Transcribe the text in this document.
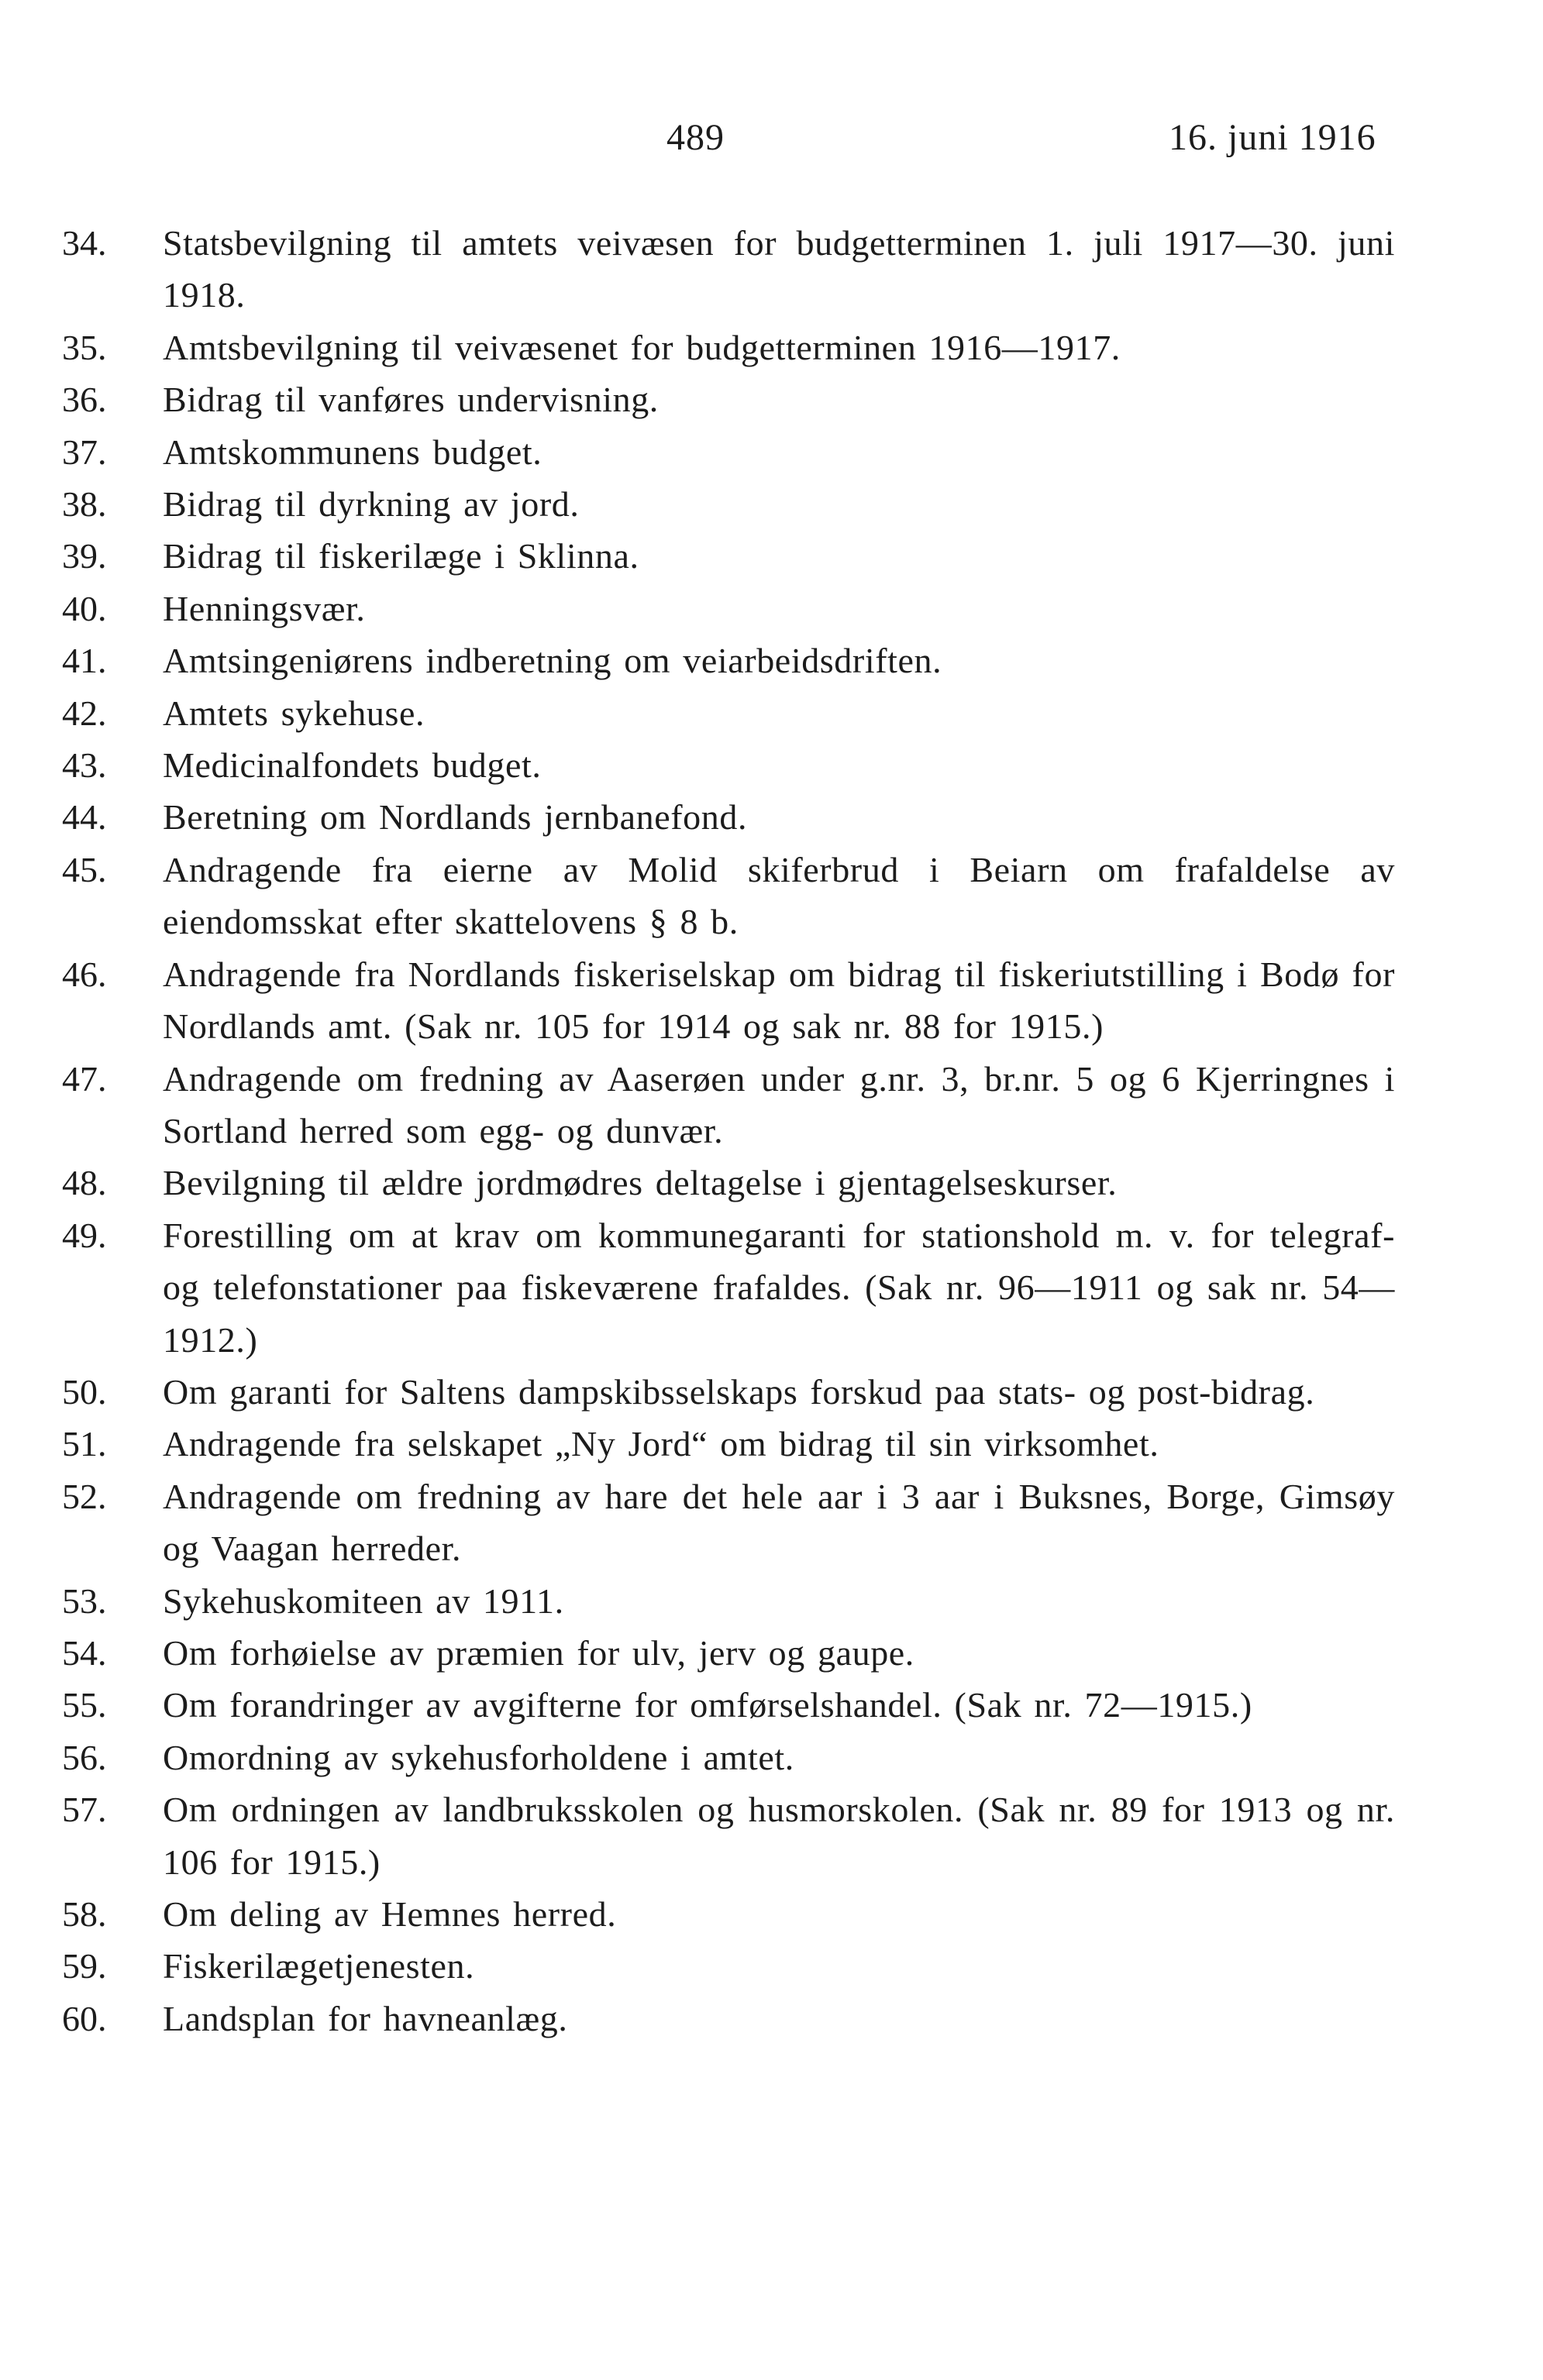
489	16. juni 1916
34.	Statsbevilgning til amtets veivæsen for budgetterminen 1. juli 1917—30. juni 1918.
35.	Amtsbevilgning til veivæsenet for budgetterminen 1916—1917.
36.	Bidrag til vanføres undervisning.
37.	Amtskommunens budget.
38.	Bidrag til dyrkning av jord.
39.	Bidrag til fiskerilæge i Sklinna.
40.	Henningsvær.
41.	Amtsingeniørens indberetning om veiarbeidsdriften.
42.	Amtets sykehuse.
43.	Medicinalfondets budget.
44.	Beretning om Nordlands jernbanefond.
45.	Andragende fra eierne av Molid skiferbrud i Beiarn om frafaldelse av eiendomsskat efter skattelovens § 8 b.
46.	Andragende fra Nordlands fiskeriselskap om bidrag til fiskeriutstilling i Bodø for Nordlands amt. (Sak nr. 105 for 1914 og sak nr. 88 for 1915.)
47.	Andragende om fredning av Aaserøen under g.nr. 3, br.nr. 5 og 6 Kjerringnes i Sortland herred som egg- og dunvær.
48.	Bevilgning til ældre jordmødres deltagelse i gjentagelseskurser.
49.	Forestilling om at krav om kommunegaranti for stationshold m. v. for telegraf- og telefonstationer paa fiskeværene frafaldes. (Sak nr. 96—1911 og sak nr. 54—1912.)
50.	Om garanti for Saltens dampskibsselskaps forskud paa stats- og post-bidrag.
51.	Andragende fra selskapet „Ny Jord“ om bidrag til sin virksomhet.
52.	Andragende om fredning av hare det hele aar i 3 aar i Buksnes, Borge, Gimsøy og Vaagan herreder.
53.	Sykehuskomiteen av 1911.
54.	Om forhøielse av præmien for ulv, jerv og gaupe.
55.	Om forandringer av avgifterne for omførselshandel. (Sak nr. 72—1915.)
56.	Omordning av sykehusforholdene i amtet.
57.	Om ordningen av landbruksskolen og husmorskolen. (Sak nr. 89 for 1913 og nr. 106 for 1915.)
58.	Om deling av Hemnes herred.
59.	Fiskerilægetjenesten.
60.	Landsplan for havneanlæg.
